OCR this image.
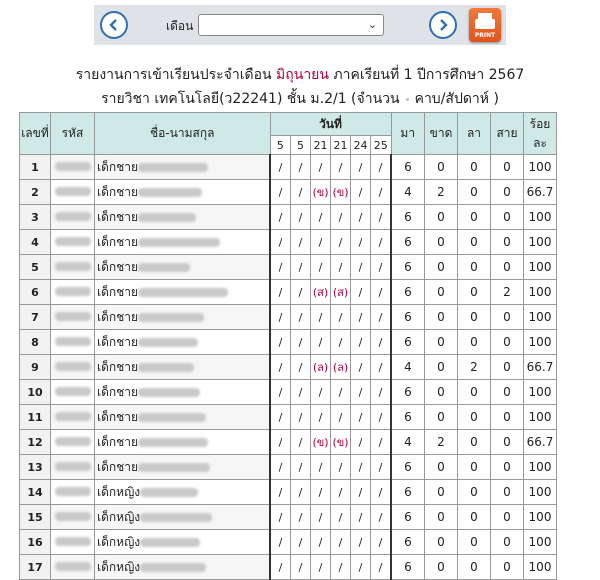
เดือน	⌄
PRINT
รายงานการเข้าเรียนประจำเดือน มิถุนายน ภาคเรียนที่ 1 ปีการศึกษา 2567
รายวิชา เทคโนโลยี(ว22241) ชั้น ม.2/1 (จำนวน คาบ/สัปดาห์ )
เลขที่	รหัส	ชื่อ-นามสกุล	วันที่						มา	ขาด	ลา	สาย	ร้อยละ
			5	5	21	21	24	25					
1		เด็กชาย	/	/	/	/	/	/	6	0	0	0	100
2		เด็กชาย	/	/	(ข)	(ข)	/	/	4	2	0	0	66.7
3		เด็กชาย	/	/	/	/	/	/	6	0	0	0	100
4		เด็กชาย	/	/	/	/	/	/	6	0	0	0	100
5		เด็กชาย	/	/	/	/	/	/	6	0	0	0	100
6		เด็กชาย	/	/	(ส)	(ส)	/	/	6	0	0	2	100
7		เด็กชาย	/	/	/	/	/	/	6	0	0	0	100
8		เด็กชาย	/	/	/	/	/	/	6	0	0	0	100
9		เด็กชาย	/	/	(ล)	(ล)	/	/	4	0	2	0	66.7
10		เด็กชาย	/	/	/	/	/	/	6	0	0	0	100
11		เด็กชาย	/	/	/	/	/	/	6	0	0	0	100
12		เด็กชาย	/	/	(ข)	(ข)	/	/	4	2	0	0	66.7
13		เด็กชาย	/	/	/	/	/	/	6	0	0	0	100
14		เด็กหญิง	/	/	/	/	/	/	6	0	0	0	100
15		เด็กหญิง	/	/	/	/	/	/	6	0	0	0	100
16		เด็กหญิง	/	/	/	/	/	/	6	0	0	0	100
17		เด็กหญิง	/	/	/	/	/	/	6	0	0	0	100
